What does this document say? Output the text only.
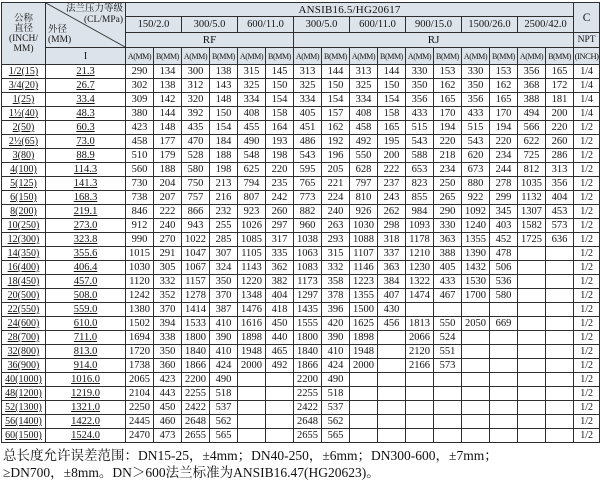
公称
直径
(INCH/
MM)

法兰压力等级
(CL/MPa)
外径
(MM)
	ANSIB16.5/HG20617	C
		150/2.0		300/5.0		600/11.0		300/5.0		600/11.0		900/15.0		1500/26.0		2500/42.0		
		RF						RJ										NPT
	I	A(MM)	B(MM)	A(MM)	B(MM)	A(MM)	B(MM)	A(MM)	B(MM)	A(MM)	B(MM)	A(MM)	B(MM)	A(MM)	B(MM)	A(MM)	B(MM)	(INCH)
1/2(15)	21.3	290	134	300	138	315	145	313	144	313	144	330	153	330	153	356	165	1/4
3/4(20)	26.7	302	138	312	143	325	150	325	150	325	150	350	162	350	162	368	172	1/4
1(25)	33.4	309	142	320	148	334	154	334	154	334	154	356	165	356	165	388	181	1/4
1½(40)	48.3	380	144	392	150	408	158	405	157	408	158	433	170	433	170	494	200	1/4
2(50)	60.3	423	148	435	154	455	164	451	162	458	165	515	194	515	194	566	220	1/2
2½(65)	73.0	458	177	470	184	490	193	486	192	492	195	543	220	543	220	622	260	1/2
3(80)	88.9	510	179	528	188	548	198	543	196	550	200	588	218	620	234	725	286	1/2
4(100)	114.3	560	188	580	198	625	220	595	205	628	222	653	234	673	244	812	313	1/2
5(125)	141.3	730	204	750	213	794	235	765	221	797	237	823	250	880	278	1035	356	1/2
6(150)	168.3	738	207	757	216	807	242	773	224	810	243	855	265	922	299	1132	404	1/2
8(200)	219.1	846	222	866	232	923	260	882	240	926	262	984	290	1092	345	1307	453	1/2
10(250)	273.0	912	240	943	255	1026	297	960	263	1030	298	1093	330	1240	403	1582	573	1/2
12(300)	323.8	990	270	1022	285	1085	317	1038	293	1088	318	1178	363	1355	452	1725	636	1/2
14(350)	355.6	1015	291	1047	307	1105	335	1063	315	1107	337	1210	388	1390	478			1/2
16(400)	406.4	1030	305	1067	324	1143	362	1083	332	1146	363	1230	405	1432	506			1/2
18(450)	457.0	1120	332	1157	350	1220	382	1173	358	1223	384	1322	433	1530	536			1/2
20(500)	508.0	1242	352	1278	370	1348	404	1297	378	1355	407	1474	467	1700	580			1/2
22(550)	559.0	1380	370	1414	387	1476	418	1435	396	1500	430							1/2
24(600)	610.0	1502	394	1533	410	1616	450	1555	420	1625	456	1813	550	2050	669			1/2
28(700)	711.0	1694	338	1800	390	1898	440	1800	390	1898		2066	524					1/2
32(800)	813.0	1720	350	1840	410	1948	465	1840	410	1948		2120	551					1/2
36(900)	914.0	1738	360	1866	424	2000	492	1866	424	2000		2166	573					1/2
40(1000)	1016.0	2065	423	2200	490			2200	490									1/2
48(1200)	1219.0	2104	443	2255	518			2255	518									1/2
52(1300)	1321.0	2250	450	2422	537			2422	537									1/2
56(1400)	1422.0	2445	460	2648	562			2648	562									1/2
60(1500)	1524.0	2470	473	2655	565			2655	565									1/2

总长度允许误差范围：DN15-25，±4mm；DN40-250，±6mm；DN300-600，±7mm；≥DN700，±8mm。DN＞600法兰标准为ANSIB16.47(HG20623)。
